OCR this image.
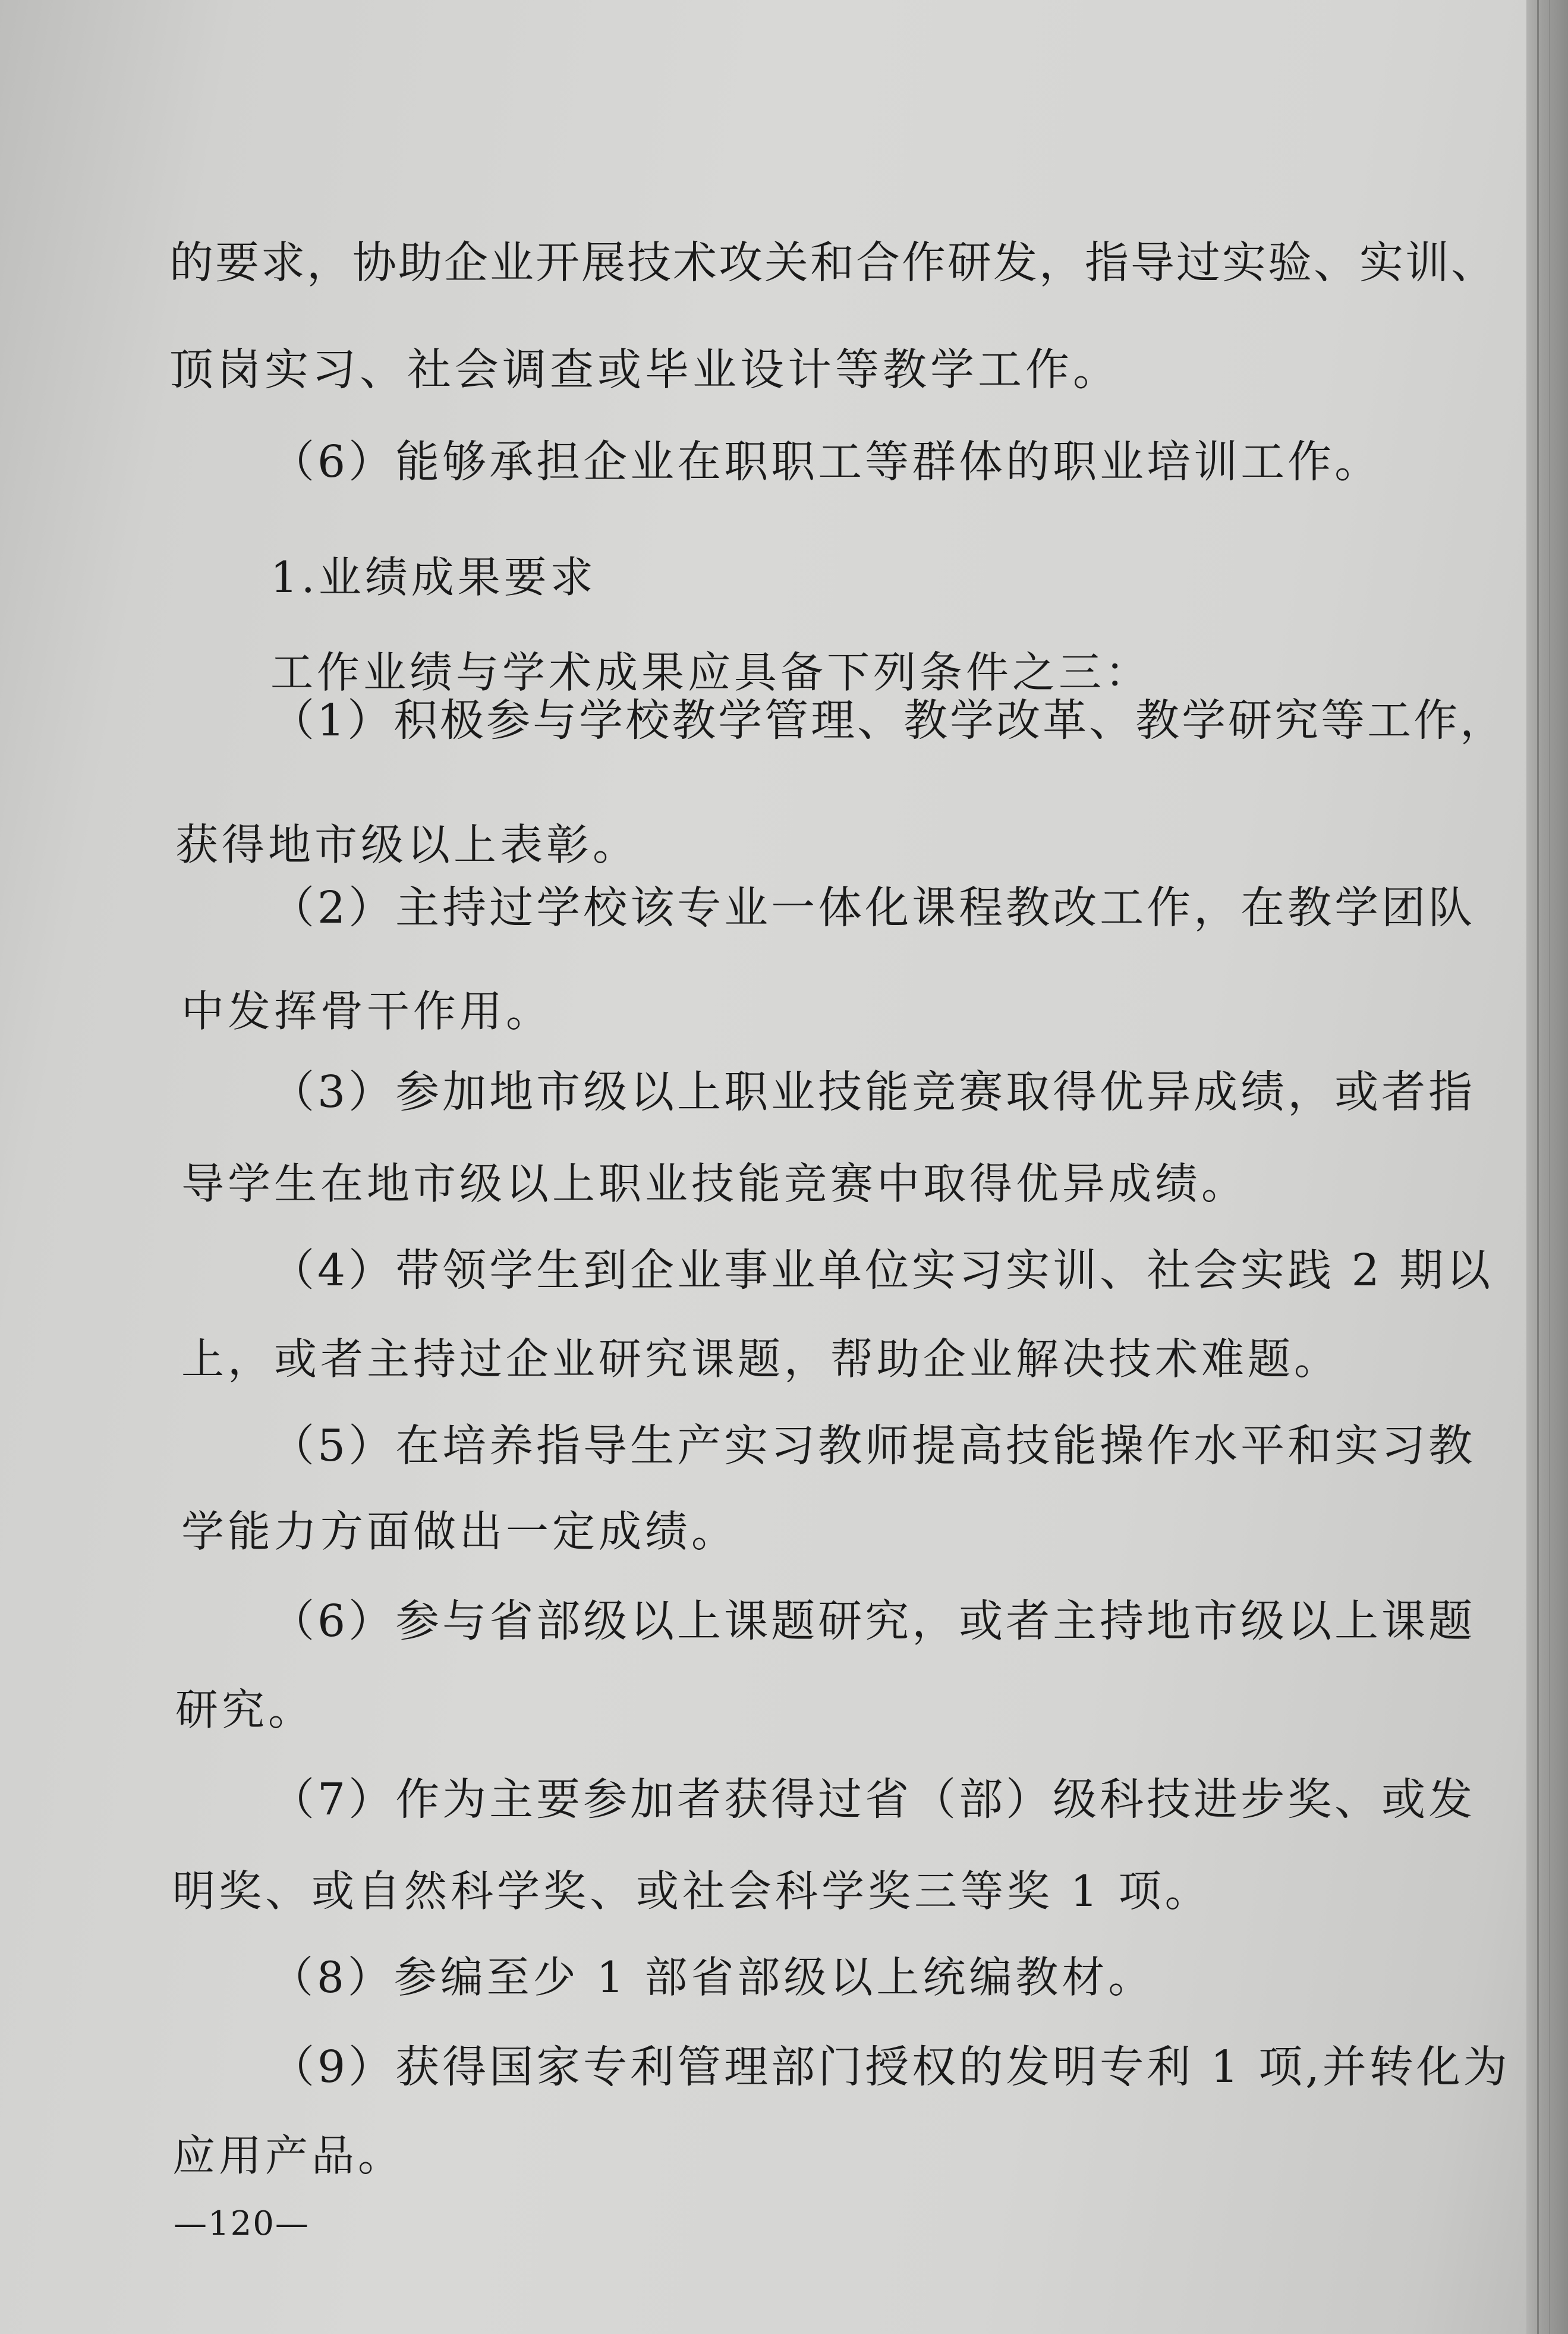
的要求，协助企业开展技术攻关和合作研发，指导过实验、实训、
顶岗实习、社会调查或毕业设计等教学工作。
（6）能够承担企业在职职工等群体的职业培训工作。
1.业绩成果要求
工作业绩与学术成果应具备下列条件之三：
（1）积极参与学校教学管理、教学改革、教学研究等工作，
获得地市级以上表彰。
（2）主持过学校该专业一体化课程教改工作，在教学团队
中发挥骨干作用。
（3）参加地市级以上职业技能竞赛取得优异成绩，或者指
导学生在地市级以上职业技能竞赛中取得优异成绩。
（4）带领学生到企业事业单位实习实训、社会实践 2 期以
上，或者主持过企业研究课题，帮助企业解决技术难题。
（5）在培养指导生产实习教师提高技能操作水平和实习教
学能力方面做出一定成绩。
（6）参与省部级以上课题研究，或者主持地市级以上课题
研究。
（7）作为主要参加者获得过省（部）级科技进步奖、或发
明奖、或自然科学奖、或社会科学奖三等奖 1 项。
（8）参编至少 1 部省部级以上统编教材。
（9）获得国家专利管理部门授权的发明专利 1 项,并转化为
应用产品。
—120—
